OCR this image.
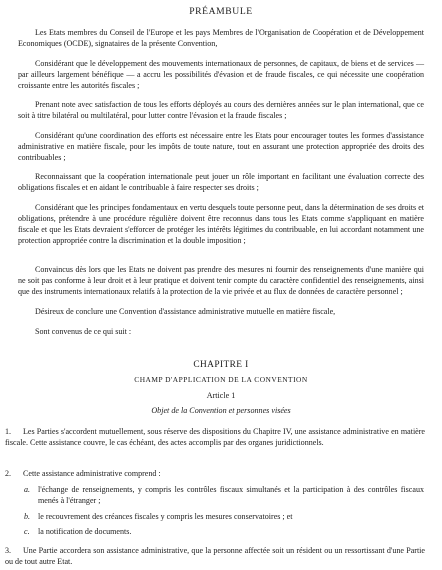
PRÉAMBULE

Les Etats membres du Conseil de l'Europe et les pays Membres de l'Organisation de Coopération et de Développement Economiques (OCDE), signataires de la présente Convention,

Considérant que le développement des mouvements internationaux de personnes, de capitaux, de biens et de services — par ailleurs largement bénéfique — a accru les possibilités d'évasion et de fraude fiscales, ce qui nécessite une coopération croissante entre les autorités fiscales ;

Prenant note avec satisfaction de tous les efforts déployés au cours des dernières années sur le plan international, que ce soit à titre bilatéral ou multilatéral, pour lutter contre l'évasion et la fraude fiscales ;

Considérant qu'une coordination des efforts est nécessaire entre les Etats pour encourager toutes les formes d'assistance administrative en matière fiscale, pour les impôts de toute nature, tout en assurant une protection appropriée des droits des contribuables ;

Reconnaissant que la coopération internationale peut jouer un rôle important en facilitant une évaluation correcte des obligations fiscales et en aidant le contribuable à faire respecter ses droits ;

Considérant que les principes fondamentaux en vertu desquels toute personne peut, dans la détermination de ses droits et obligations, prétendre à une procédure régulière doivent être reconnus dans tous les Etats comme s'appliquant en matière fiscale et que les Etats devraient s'efforcer de protéger les intérêts légitimes du contribuable, en lui accordant notamment une protection appropriée contre la discrimination et la double imposition ;

Convaincus dès lors que les Etats ne doivent pas prendre des mesures ni fournir des renseignements d'une manière qui ne soit pas conforme à leur droit et à leur pratique et doivent tenir compte du caractère confidentiel des renseignements, ainsi que des instruments internationaux relatifs à la protection de la vie privée et au flux de données de caractère personnel ;

Désireux de conclure une Convention d'assistance administrative mutuelle en matière fiscale,

Sont convenus de ce qui suit :

CHAPITRE I
CHAMP D'APPLICATION DE LA CONVENTION
Article 1
Objet de la Convention et personnes visées
1.	Les Parties s'accordent mutuellement, sous réserve des dispositions du Chapitre IV, une assistance administrative en matière fiscale. Cette assistance couvre, le cas échéant, des actes accomplis par des organes juridictionnels.
2.	Cette assistance administrative comprend :
a. l'échange de renseignements, y compris les contrôles fiscaux simultanés et la participation à des contrôles fiscaux menés à l'étranger ;
b. le recouvrement des créances fiscales y compris les mesures conservatoires ; et
c. la notification de documents.
3.	Une Partie accordera son assistance administrative, que la personne affectée soit un résident ou un ressortissant d'une Partie ou de tout autre Etat.
